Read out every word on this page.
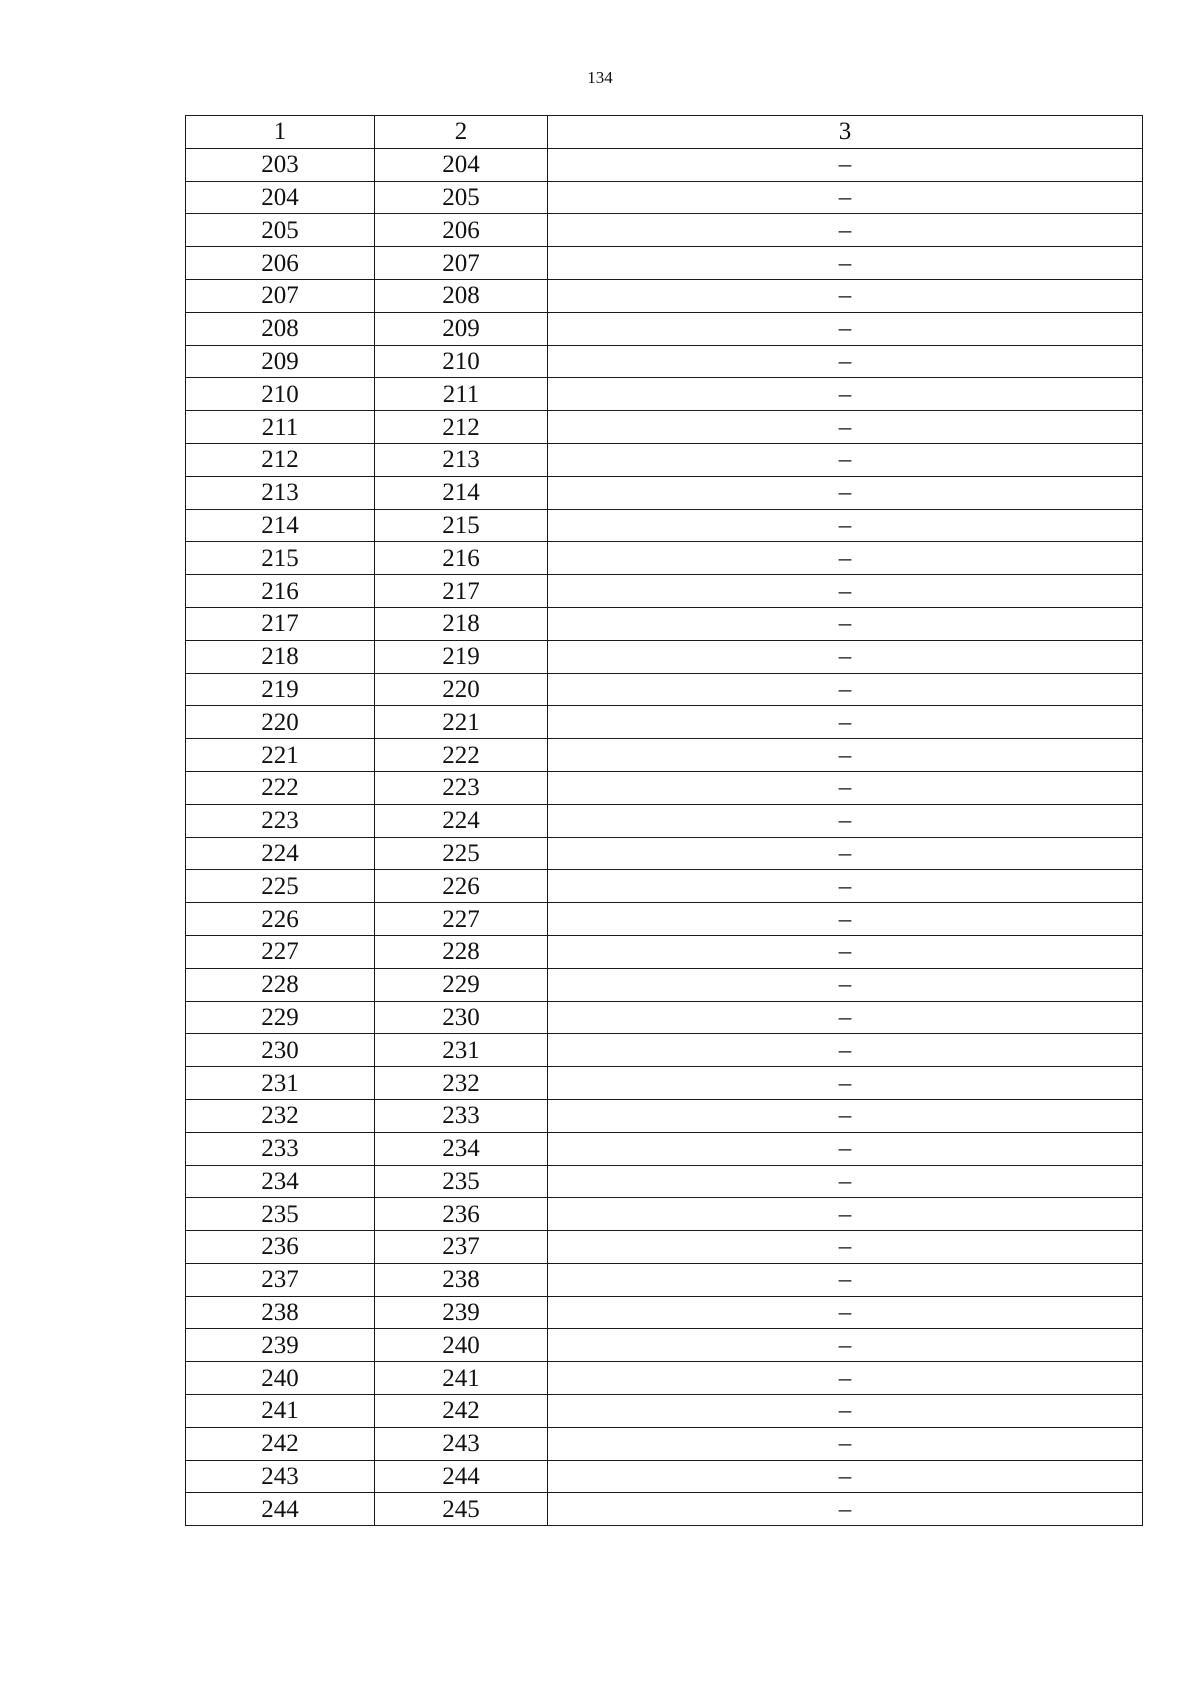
134
1	2	3
203	204	–
204	205	–
205	206	–
206	207	–
207	208	–
208	209	–
209	210	–
210	211	–
211	212	–
212	213	–
213	214	–
214	215	–
215	216	–
216	217	–
217	218	–
218	219	–
219	220	–
220	221	–
221	222	–
222	223	–
223	224	–
224	225	–
225	226	–
226	227	–
227	228	–
228	229	–
229	230	–
230	231	–
231	232	–
232	233	–
233	234	–
234	235	–
235	236	–
236	237	–
237	238	–
238	239	–
239	240	–
240	241	–
241	242	–
242	243	–
243	244	–
244	245	–
